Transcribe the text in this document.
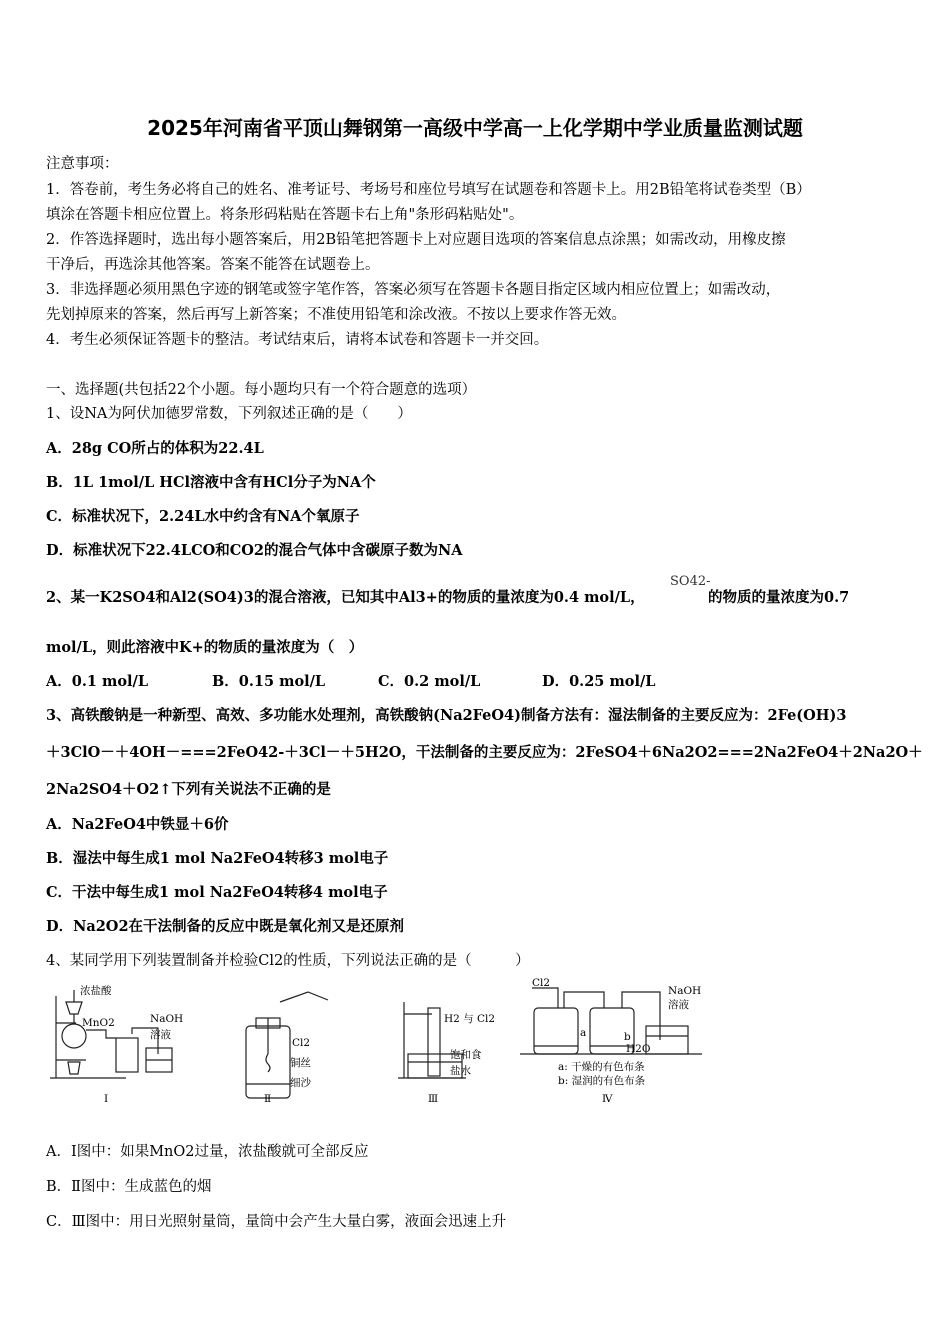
2025年河南省平顶山舞钢第一高级中学高一上化学期中学业质量监测试题
注意事项：
1．答卷前，考生务必将自己的姓名、准考证号、考场号和座位号填写在试题卷和答题卡上。用2B铅笔将试卷类型（B）
填涂在答题卡相应位置上。将条形码粘贴在答题卡右上角"条形码粘贴处"。
2．作答选择题时，选出每小题答案后，用2B铅笔把答题卡上对应题目选项的答案信息点涂黑；如需改动，用橡皮擦
干净后，再选涂其他答案。答案不能答在试题卷上。
3．非选择题必须用黑色字迹的钢笔或签字笔作答，答案必须写在答题卡各题目指定区域内相应位置上；如需改动，
先划掉原来的答案，然后再写上新答案；不准使用铅笔和涂改液。不按以上要求作答无效。
4．考生必须保证答题卡的整洁。考试结束后，请将本试卷和答题卡一并交回。
一、选择题(共包括22个小题。每小题均只有一个符合题意的选项）
1、设NA为阿伏加德罗常数，下列叙述正确的是（　　）
A．28g CO所占的体积为22.4L
B．1L 1mol/L HCl溶液中含有HCl分子为NA个
C．标准状况下，2.24L水中约含有NA个氧原子
D．标准状况下22.4LCO和CO2的混合气体中含碳原子数为NA
2、某一K2SO4和Al2(SO4)3的混合溶液，已知其中Al3+的物质的量浓度为0.4 mol/L，
SO42-
的物质的量浓度为0.7
mol/L，则此溶液中K+的物质的量浓度为（　）
A．0.1 mol/L	B．0.15 mol/L	C．0.2 mol/L	D．0.25 mol/L
3、高铁酸钠是一种新型、高效、多功能水处理剂，高铁酸钠(Na2FeO4)制备方法有：湿法制备的主要反应为：2Fe(OH)3
＋3ClO－＋4OH－===2FeO42-＋3Cl－＋5H2O，干法制备的主要反应为：2FeSO4＋6Na2O2===2Na2FeO4＋2Na2O＋
2Na2SO4＋O2↑下列有关说法不正确的是
A．Na2FeO4中铁显＋6价
B．湿法中每生成1 mol Na2FeO4转移3 mol电子
C．干法中每生成1 mol Na2FeO4转移4 mol电子
D．Na2O2在干法制备的反应中既是氧化剂又是还原剂
4、某同学用下列装置制备并检验Cl2的性质，下列说法正确的是（　　　）
浓盐酸
MnO2	NaOH
溶液
Ⅰ
Cl2
铜丝
细沙
Ⅱ
H2 与 Cl2
饱和食
盐水
Ⅲ
Cl2
NaOH
溶液
a	b
H2O
a: 干燥的有色布条
b: 湿润的有色布条
Ⅳ
A．Ⅰ图中：如果MnO2过量，浓盐酸就可全部反应
B．Ⅱ图中：生成蓝色的烟
C．Ⅲ图中：用日光照射量筒，量筒中会产生大量白雾，液面会迅速上升
